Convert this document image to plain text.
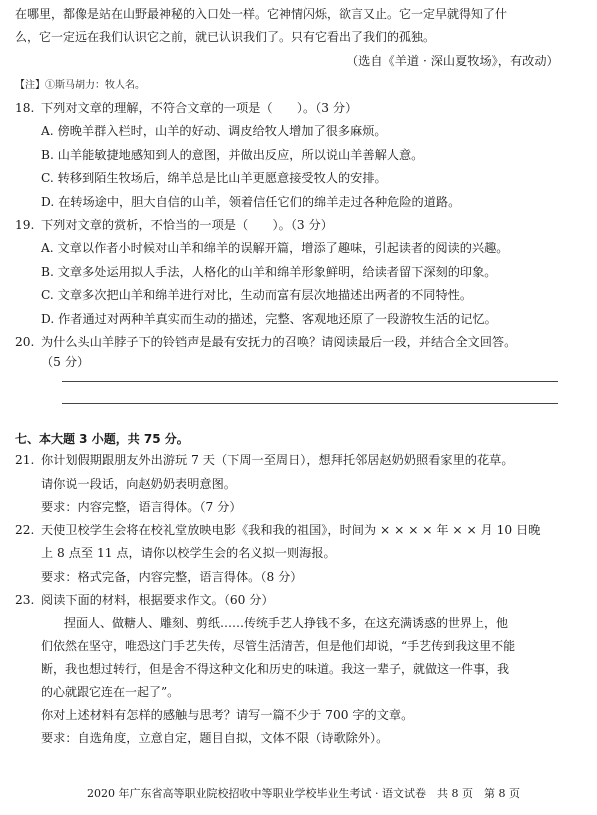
在哪里，都像是站在山野最神秘的入口处一样。它神情闪烁，欲言又止。它一定早就得知了什
么，它一定远在我们认识它之前，就已认识我们了。只有它看出了我们的孤独。
（选自《羊道 · 深山夏牧场》，有改动）
【注】①斯马胡力：牧人名。
18. 下列对文章的理解，不符合文章的一项是（　　）。（3 分）
A. 傍晚羊群入栏时，山羊的好动、调皮给牧人增加了很多麻烦。
B. 山羊能敏捷地感知到人的意图，并做出反应，所以说山羊善解人意。
C. 转移到陌生牧场后，绵羊总是比山羊更愿意接受牧人的安排。
D. 在转场途中，胆大自信的山羊，领着信任它们的绵羊走过各种危险的道路。
19. 下列对文章的赏析，不恰当的一项是（　　）。（3 分）
A. 文章以作者小时候对山羊和绵羊的误解开篇，增添了趣味，引起读者的阅读的兴趣。
B. 文章多处运用拟人手法，人格化的山羊和绵羊形象鲜明，给读者留下深刻的印象。
C. 文章多次把山羊和绵羊进行对比，生动而富有层次地描述出两者的不同特性。
D. 作者通过对两种羊真实而生动的描述，完整、客观地还原了一段游牧生活的记忆。
20. 为什么头山羊脖子下的铃铛声是最有安抚力的召唤？请阅读最后一段，并结合全文回答。
（5 分）
七、本大题 3 小题，共 75 分。
21. 你计划假期跟朋友外出游玩 7 天（下周一至周日），想拜托邻居赵奶奶照看家里的花草。
请你说一段话，向赵奶奶表明意图。
要求：内容完整，语言得体。（7 分）
22. 天使卫校学生会将在校礼堂放映电影《我和我的祖国》，时间为 × × × × 年 × × 月 10 日晚
上 8 点至 11 点，请你以校学生会的名义拟一则海报。
要求：格式完备，内容完整，语言得体。（8 分）
23. 阅读下面的材料，根据要求作文。（60 分）
捏面人、做糖人、雕刻、剪纸……传统手艺人挣钱不多，在这充满诱惑的世界上，他
们依然在坚守，唯恐这门手艺失传，尽管生活清苦，但是他们却说，“手艺传到我这里不能
断，我也想过转行，但是舍不得这种文化和历史的味道。我这一辈子，就做这一件事，我
的心就跟它连在一起了”。
你对上述材料有怎样的感触与思考？请写一篇不少于 700 字的文章。
要求：自选角度，立意自定，题目自拟，文体不限（诗歌除外）。
2020 年广东省高等职业院校招收中等职业学校毕业生考试 · 语文试卷　共 8 页　第 8 页
